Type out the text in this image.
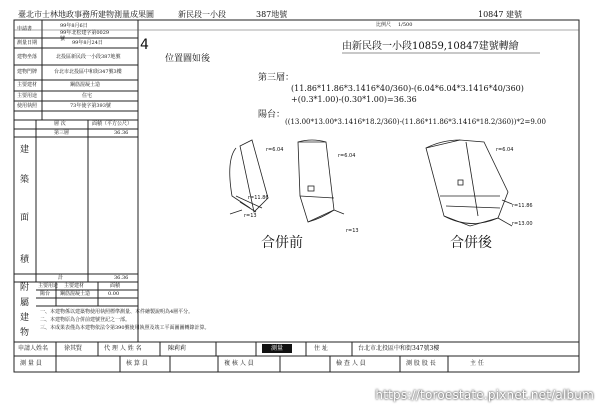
臺北市士林地政事務所建物測量成果圖	新民段一小段	387地號	10847 建號
比例尺 1/500
申請書	99年8月6日
99年北松建字第0029
號
測量日期	99年8月24日
建物坐落	北投區新民段一小段387地號
建物門牌	台北市北投區中和街347號3樓
主要建材	鋼筋混凝土造
主要用途	住宅
使用執照	73年使字第393號
層 次	面積（平方公尺）
第三層	36.36
建
築
面
積
計	36.36
附
屬
建
物
主要用途 主要建材	面積
陽台 鋼筋混凝土造	0.00
一、本建物係以建築物使用執照標準測量、本件繪製說明為4層平分。
二、本建物原為合併前建號登記之一部。
三、本成果表僅為本建物依法令第390號使用執照及竣工平面圖圖轉錄計算。
4
位置圖如後
由新民段一小段10859,10847建號轉繪
第三層：
(11.86*11.86*3.1416*40/360)-(6.04*6.04*3.1416*40/360)
+(0.3*1.00)-(0.30*1.00)=36.36
陽台：
((13.00*13.00*3.1416*18.2/360)-(11.86*11.86*3.1416*18.2/360))*2=9.00
r=6.04
r=6.04
r=6.04
r=13
r=13
r=11.86
r=11.86
r=13.00
合併前	合併後
申請人姓名	徐其賢	代 理 人 姓 名	陳莉莉	測量	住 址	台北市北投區中和街347號3樓
測 量 員	核 算 員	複 核 人 員	檢 查 人 員	測 股 股 長	主 任
https://toroestate.pixnet.net/album
